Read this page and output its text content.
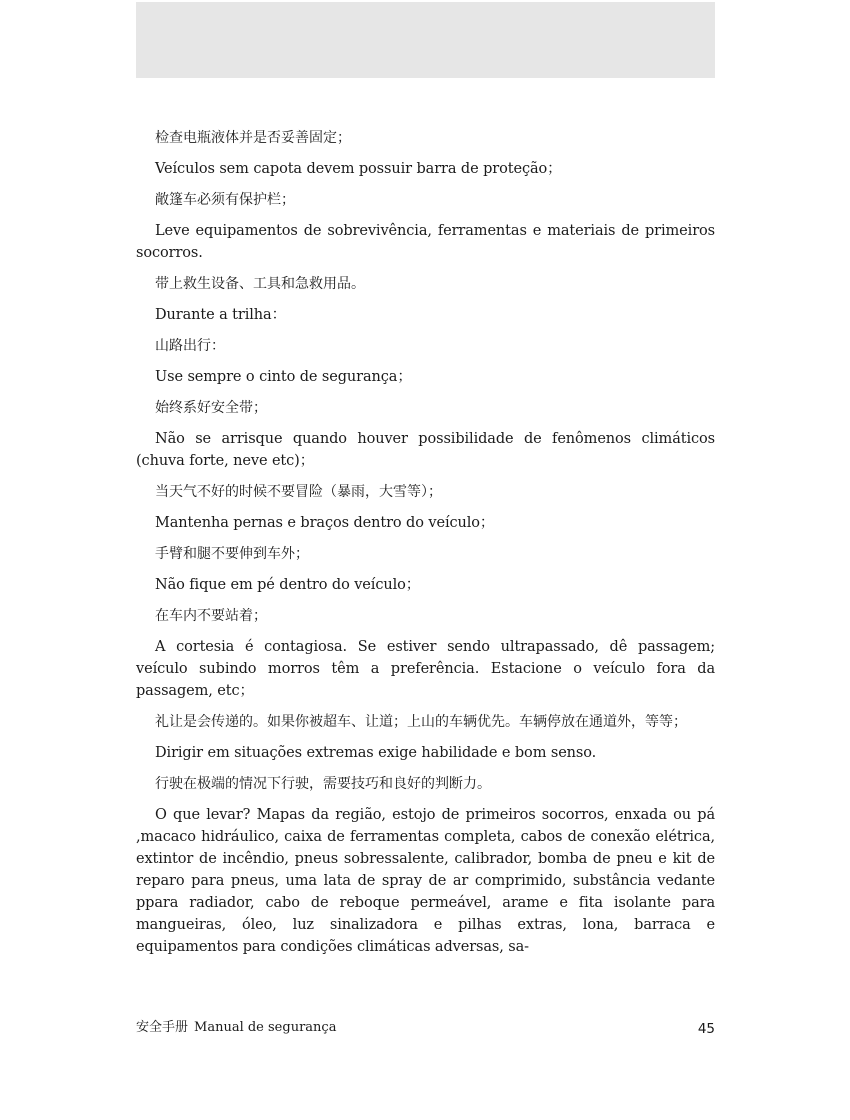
检查电瓶液体并是否妥善固定；

Veículos sem capota devem possuir barra de proteção；

敞篷车必须有保护栏；

Leve equipamentos de sobrevivência, ferramentas e materiais de primeiros socorros.

带上救生设备、工具和急救用品。

Durante a trilha：

山路出行：

Use sempre o cinto de segurança；

始终系好安全带；

Não se arrisque quando houver possibilidade de fenômenos climáticos (chuva forte, neve etc)；

当天气不好的时候不要冒险（暴雨，大雪等）；

Mantenha pernas e braços dentro do veículo；

手臂和腿不要伸到车外；

Não fique em pé dentro do veículo；

在车内不要站着；

A cortesia é contagiosa. Se estiver sendo ultrapassado, dê passagem; veículo subindo morros têm a preferência. Estacione o veículo fora da passagem, etc；

礼让是会传递的。如果你被超车、让道；上山的车辆优先。车辆停放在通道外，等等；

Dirigir em situações extremas exige habilidade e bom senso.

行驶在极端的情况下行驶，需要技巧和良好的判断力。

O que levar? Mapas da região, estojo de primeiros socorros, enxada ou pá ,macaco hidráulico, caixa de ferramentas completa, cabos de conexão elétrica, extintor de incêndio, pneus sobressalente, calibrador, bomba de pneu e kit de reparo para pneus, uma lata de spray de ar comprimido, substância vedante ppara radiador, cabo de reboque permeável, arame e fita isolante para mangueiras, óleo, luz sinalizadora e pilhas extras, lona, barraca e equipamentos para condições climáticas adversas, sa-

安全手册 Manual de segurança	45
